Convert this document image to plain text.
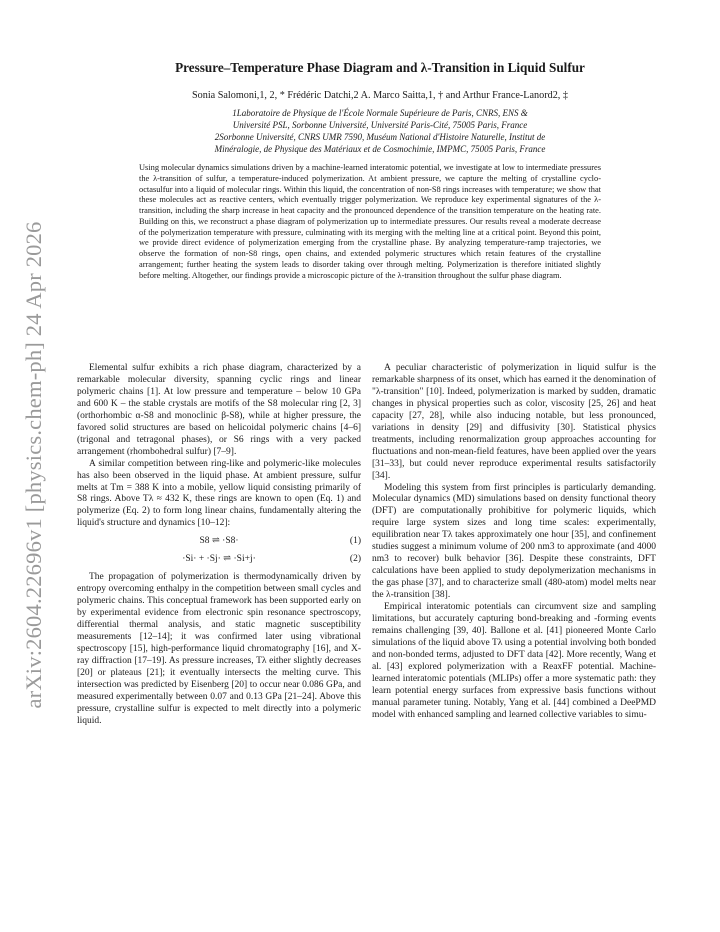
arXiv:2604.22696v1 [physics.chem-ph] 24 Apr 2026
Pressure–Temperature Phase Diagram and λ-Transition in Liquid Sulfur
Sonia Salomoni,1, 2, * Frédéric Datchi,2 A. Marco Saitta,1, † and Arthur France-Lanord2, ‡
1Laboratoire de Physique de l'École Normale Supérieure de Paris, CNRS, ENS &
Université PSL, Sorbonne Université, Université Paris-Cité, 75005 Paris, France
2Sorbonne Université, CNRS UMR 7590, Muséum National d'Histoire Naturelle, Institut de
Minéralogie, de Physique des Matériaux et de Cosmochimie, IMPMC, 75005 Paris, France
Using molecular dynamics simulations driven by a machine-learned interatomic potential, we investigate at low to intermediate pressures the λ-transition of sulfur, a temperature-induced polymerization. At ambient pressure, we capture the melting of crystalline cyclo-octasulfur into a liquid of molecular rings. Within this liquid, the concentration of non-S8 rings increases with temperature; we show that these molecules act as reactive centers, which eventually trigger polymerization. We reproduce key experimental signatures of the λ-transition, including the sharp increase in heat capacity and the pronounced dependence of the transition temperature on the heating rate. Building on this, we reconstruct a phase diagram of polymerization up to intermediate pressures. Our results reveal a moderate decrease of the polymerization temperature with pressure, culminating with its merging with the melting line at a critical point. Beyond this point, we provide direct evidence of polymerization emerging from the crystalline phase. By analyzing temperature-ramp trajectories, we observe the formation of non-S8 rings, open chains, and extended polymeric structures which retain features of the crystalline arrangement; further heating the system leads to disorder taking over through melting. Polymerization is therefore initiated slightly before melting. Altogether, our findings provide a microscopic picture of the λ-transition throughout the sulfur phase diagram.

Elemental sulfur exhibits a rich phase diagram, characterized by a remarkable molecular diversity, spanning cyclic rings and linear polymeric chains [1]. At low pressure and temperature – below 10 GPa and 600 K – the stable crystals are motifs of the S8 molecular ring [2, 3] (orthorhombic α-S8 and monoclinic β-S8), while at higher pressure, the favored solid structures are based on helicoidal polymeric chains [4–6] (trigonal and tetragonal phases), or S6 rings with a very packed arrangement (rhombohedral sulfur) [7–9].

A similar competition between ring-like and polymeric-like molecules has also been observed in the liquid phase. At ambient pressure, sulfur melts at Tm = 388 K into a mobile, yellow liquid consisting primarily of S8 rings. Above Tλ ≈ 432 K, these rings are known to open (Eq. 1) and polymerize (Eq. 2) to form long linear chains, fundamentally altering the liquid's structure and dynamics [10–12]:

S8 ⇌ ·S8·	(1)
·Si· + ·Sj· ⇌ ·Si+j·	(2)

The propagation of polymerization is thermodynamically driven by entropy overcoming enthalpy in the competition between small cycles and polymeric chains. This conceptual framework has been supported early on by experimental evidence from electronic spin resonance spectroscopy, differential thermal analysis, and static magnetic susceptibility measurements [12–14]; it was confirmed later using vibrational spectroscopy [15], high-performance liquid chromatography [16], and X-ray diffraction [17–19]. As pressure increases, Tλ either slightly decreases [20] or plateaus [21]; it eventually intersects the melting curve. This intersection was predicted by Eisenberg [20] to occur near 0.086 GPa, and measured experimentally between 0.07 and 0.13 GPa [21–24]. Above this pressure, crystalline sulfur is expected to melt directly into a polymeric liquid.

A peculiar characteristic of polymerization in liquid sulfur is the remarkable sharpness of its onset, which has earned it the denomination of "λ-transition" [10]. Indeed, polymerization is marked by sudden, dramatic changes in physical properties such as color, viscosity [25, 26] and heat capacity [27, 28], while also inducing notable, but less pronounced, variations in density [29] and diffusivity [30]. Statistical physics treatments, including renormalization group approaches accounting for fluctuations and non-mean-field features, have been applied over the years [31–33], but could never reproduce experimental results satisfactorily [34].

Modeling this system from first principles is particularly demanding. Molecular dynamics (MD) simulations based on density functional theory (DFT) are computationally prohibitive for polymeric liquids, which require large system sizes and long time scales: experimentally, equilibration near Tλ takes approximately one hour [35], and confinement studies suggest a minimum volume of 200 nm3 to approximate (and 4000 nm3 to recover) bulk behavior [36]. Despite these constraints, DFT calculations have been applied to study depolymerization mechanisms in the gas phase [37], and to characterize small (480-atom) model melts near the λ-transition [38].

Empirical interatomic potentials can circumvent size and sampling limitations, but accurately capturing bond-breaking and -forming events remains challenging [39, 40]. Ballone et al. [41] pioneered Monte Carlo simulations of the liquid above Tλ using a potential involving both bonded and non-bonded terms, adjusted to DFT data [42]. More recently, Wang et al. [43] explored polymerization with a ReaxFF potential. Machine-learned interatomic potentials (MLIPs) offer a more systematic path: they learn potential energy surfaces from expressive basis functions without manual parameter tuning. Notably, Yang et al. [44] combined a DeePMD model with enhanced sampling and learned collective variables to simu-
